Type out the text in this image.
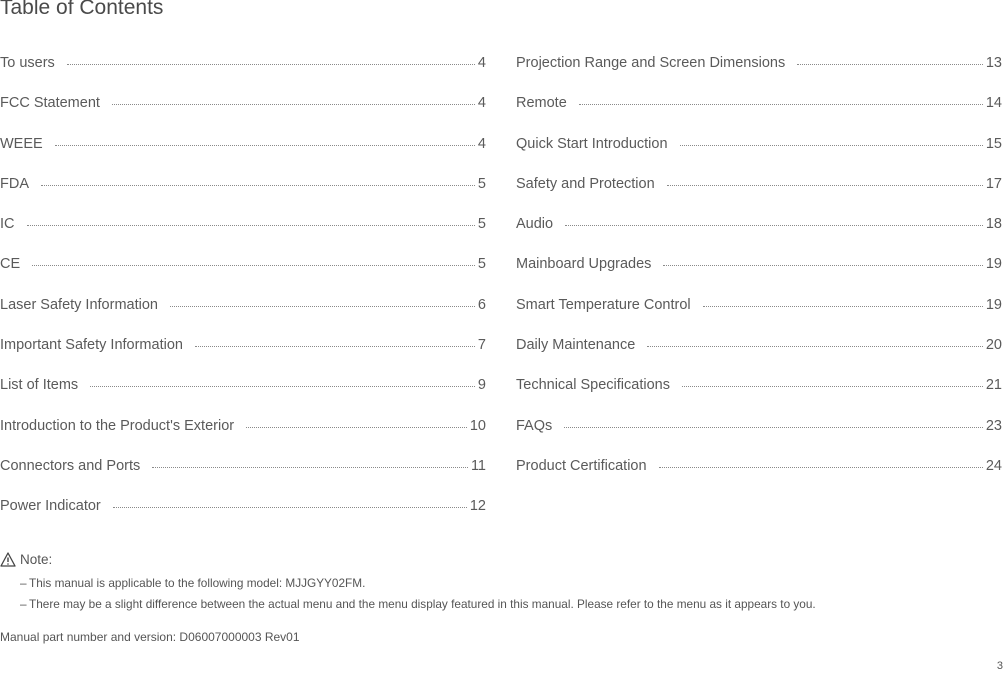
Table of Contents
To users	4
FCC Statement	4
WEEE	4
FDA	5
IC	5
CE	5
Laser Safety Information	6
Important Safety Information	7
List of Items	9
Introduction to the Product's Exterior	10
Connectors and Ports	11
Power Indicator	12
Projection Range and Screen Dimensions	13
Remote	14
Quick Start Introduction	15
Safety and Protection	17
Audio	18
Mainboard Upgrades	19
Smart Temperature Control	19
Daily Maintenance	20
Technical Specifications	21
FAQs	23
Product Certification	24
Note:
– This manual is applicable to the following model: MJJGYY02FM.
– There may be a slight difference between the actual menu and the menu display featured in this manual. Please refer to the menu as it appears to you.
Manual part number and version: D06007000003 Rev01
3
